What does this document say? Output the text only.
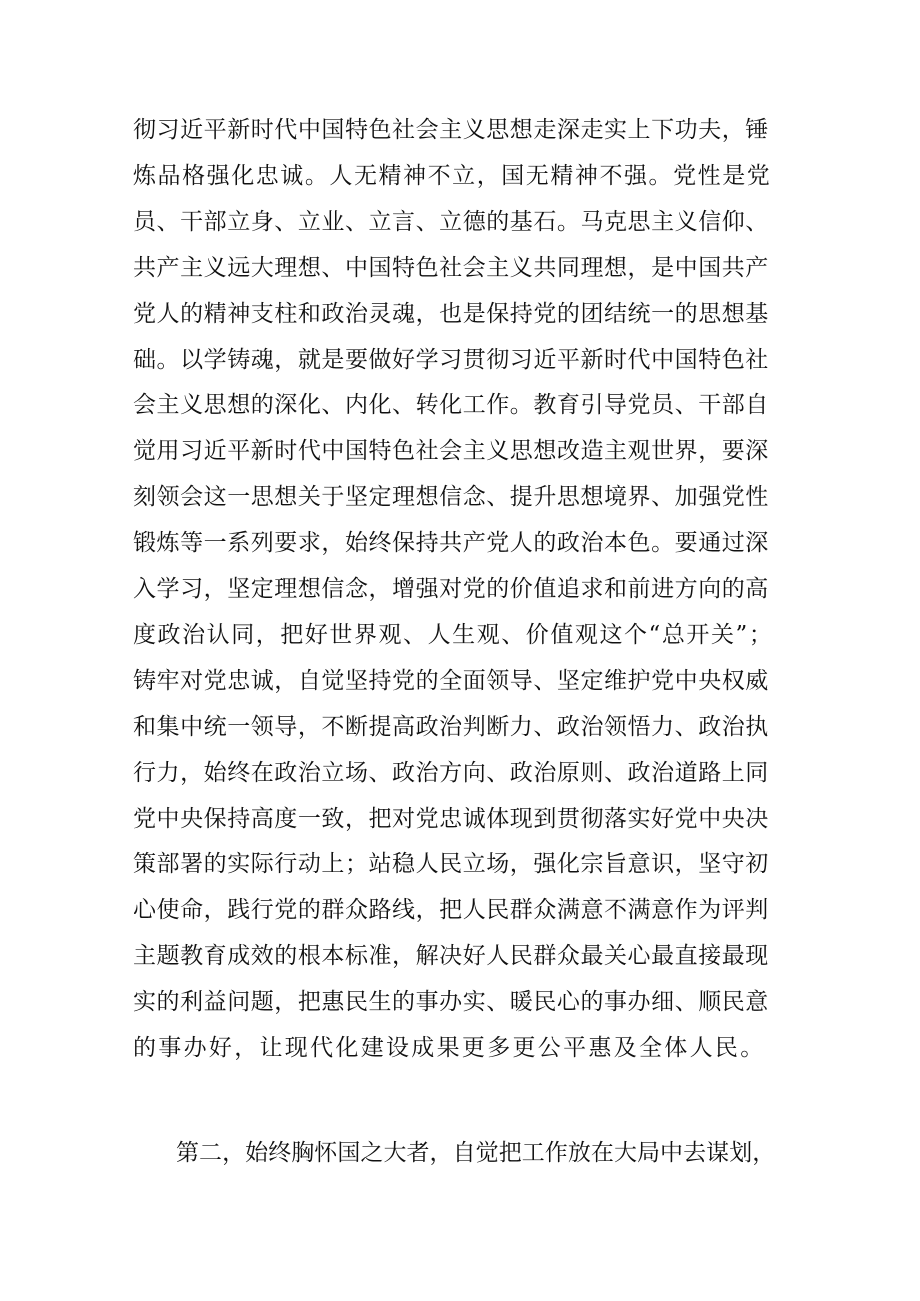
彻习近平新时代中国特色社会主义思想走深走实上下功夫，锤
炼品格强化忠诚。人无精神不立，国无精神不强。党性是党
员、干部立身、立业、立言、立德的基石。马克思主义信仰、
共产主义远大理想、中国特色社会主义共同理想，是中国共产
党人的精神支柱和政治灵魂，也是保持党的团结统一的思想基
础。以学铸魂，就是要做好学习贯彻习近平新时代中国特色社
会主义思想的深化、内化、转化工作。教育引导党员、干部自
觉用习近平新时代中国特色社会主义思想改造主观世界，要深
刻领会这一思想关于坚定理想信念、提升思想境界、加强党性
锻炼等一系列要求，始终保持共产党人的政治本色。要通过深
入学习，坚定理想信念，增强对党的价值追求和前进方向的高
度政治认同，把好世界观、人生观、价值观这个“总开关”；
铸牢对党忠诚，自觉坚持党的全面领导、坚定维护党中央权威
和集中统一领导，不断提高政治判断力、政治领悟力、政治执
行力，始终在政治立场、政治方向、政治原则、政治道路上同
党中央保持高度一致，把对党忠诚体现到贯彻落实好党中央决
策部署的实际行动上；站稳人民立场，强化宗旨意识，坚守初
心使命，践行党的群众路线，把人民群众满意不满意作为评判
主题教育成效的根本标准，解决好人民群众最关心最直接最现
实的利益问题，把惠民生的事办实、暖民心的事办细、顺民意
的事办好，让现代化建设成果更多更公平惠及全体人民。
第二，始终胸怀国之大者，自觉把工作放在大局中去谋划，
